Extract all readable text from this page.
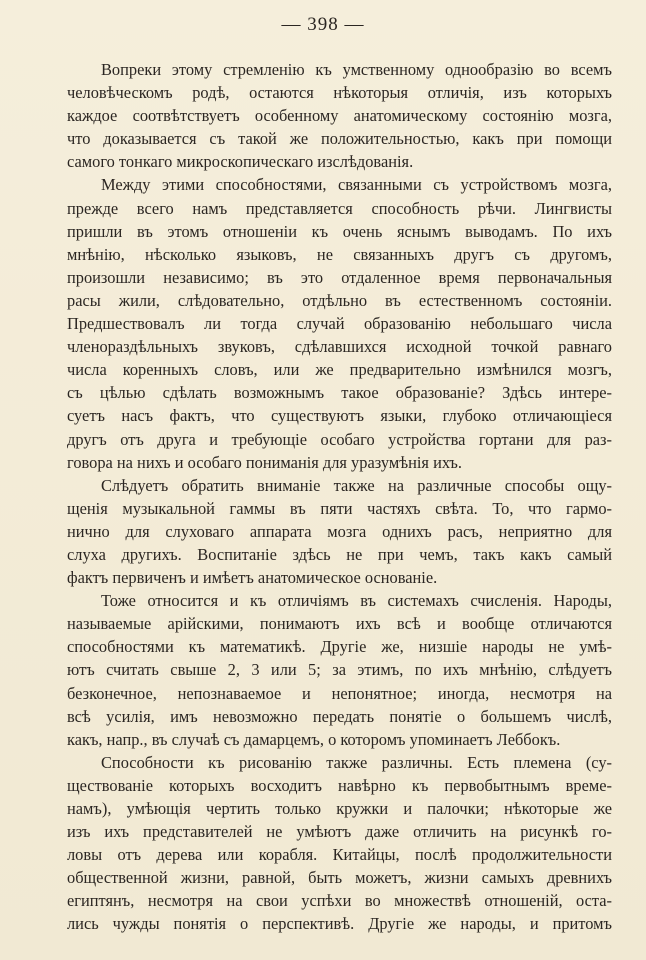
— 398 —
Вопреки этому стремленію къ умственному однообразію во всемъ
человѣческомъ родѣ, остаются нѣкоторыя отличія, изъ которыхъ
каждое соотвѣтствуетъ особенному анатомическому состоянію мозга,
что доказывается съ такой же положительностью, какъ при помощи
самого тонкаго микроскопическаго изслѣдованія.
Между этими способностями, связанными съ устройствомъ мозга,
прежде всего намъ представляется способность рѣчи. Лингвисты
пришли въ этомъ отношеніи къ очень яснымъ выводамъ. По ихъ
мнѣнію, нѣсколько языковъ, не связанныхъ другъ съ другомъ,
произошли независимо; въ это отдаленное время первоначальныя
расы жили, слѣдовательно, отдѣльно въ естественномъ состояніи.
Предшествовалъ ли тогда случай образованію небольшаго числа
членораздѣльныхъ звуковъ, сдѣлавшихся исходной точкой равнаго
числа коренныхъ словъ, или же предварительно измѣнился мозгъ,
съ цѣлью сдѣлать возможнымъ такое образованіе? Здѣсь интере-
суетъ насъ фактъ, что существуютъ языки, глубоко отличающіеся
другъ отъ друга и требующіе особаго устройства гортани для раз-
говора на нихъ и особаго пониманія для уразумѣнія ихъ.
Слѣдуетъ обратить вниманіе также на различные способы ощу-
щенія музыкальной гаммы въ пяти частяхъ свѣта. То, что гармо-
нично для слуховаго аппарата мозга однихъ расъ, неприятно для
слуха другихъ. Воспитаніе здѣсь не при чемъ, такъ какъ самый
фактъ первиченъ и имѣетъ анатомическое основаніе.
Тоже относится и къ отличіямъ въ системахъ счисленія. Народы,
называемые арійскими, понимаютъ ихъ всѣ и вообще отличаются
способностями къ математикѣ. Другіе же, низшіе народы не умѣ-
ютъ считать свыше 2, 3 или 5; за этимъ, по ихъ мнѣнію, слѣдуетъ
безконечное, непознаваемое и непонятное; иногда, несмотря на
всѣ усилія, имъ невозможно передать понятіе о большемъ числѣ,
какъ, напр., въ случаѣ съ дамарцемъ, о которомъ упоминаетъ Леббокъ.
Способности къ рисованію также различны. Есть племена (су-
ществованіе которыхъ восходитъ навѣрно къ первобытнымъ време-
намъ), умѣющія чертить только кружки и палочки; нѣкоторые же
изъ ихъ представителей не умѣютъ даже отличить на рисункѣ го-
ловы отъ дерева или корабля. Китайцы, послѣ продолжительности
общественной жизни, равной, быть можетъ, жизни самыхъ древнихъ
египтянъ, несмотря на свои успѣхи во множествѣ отношеній, оста-
лись чужды понятія о перспективѣ. Другіе же народы, и притомъ
